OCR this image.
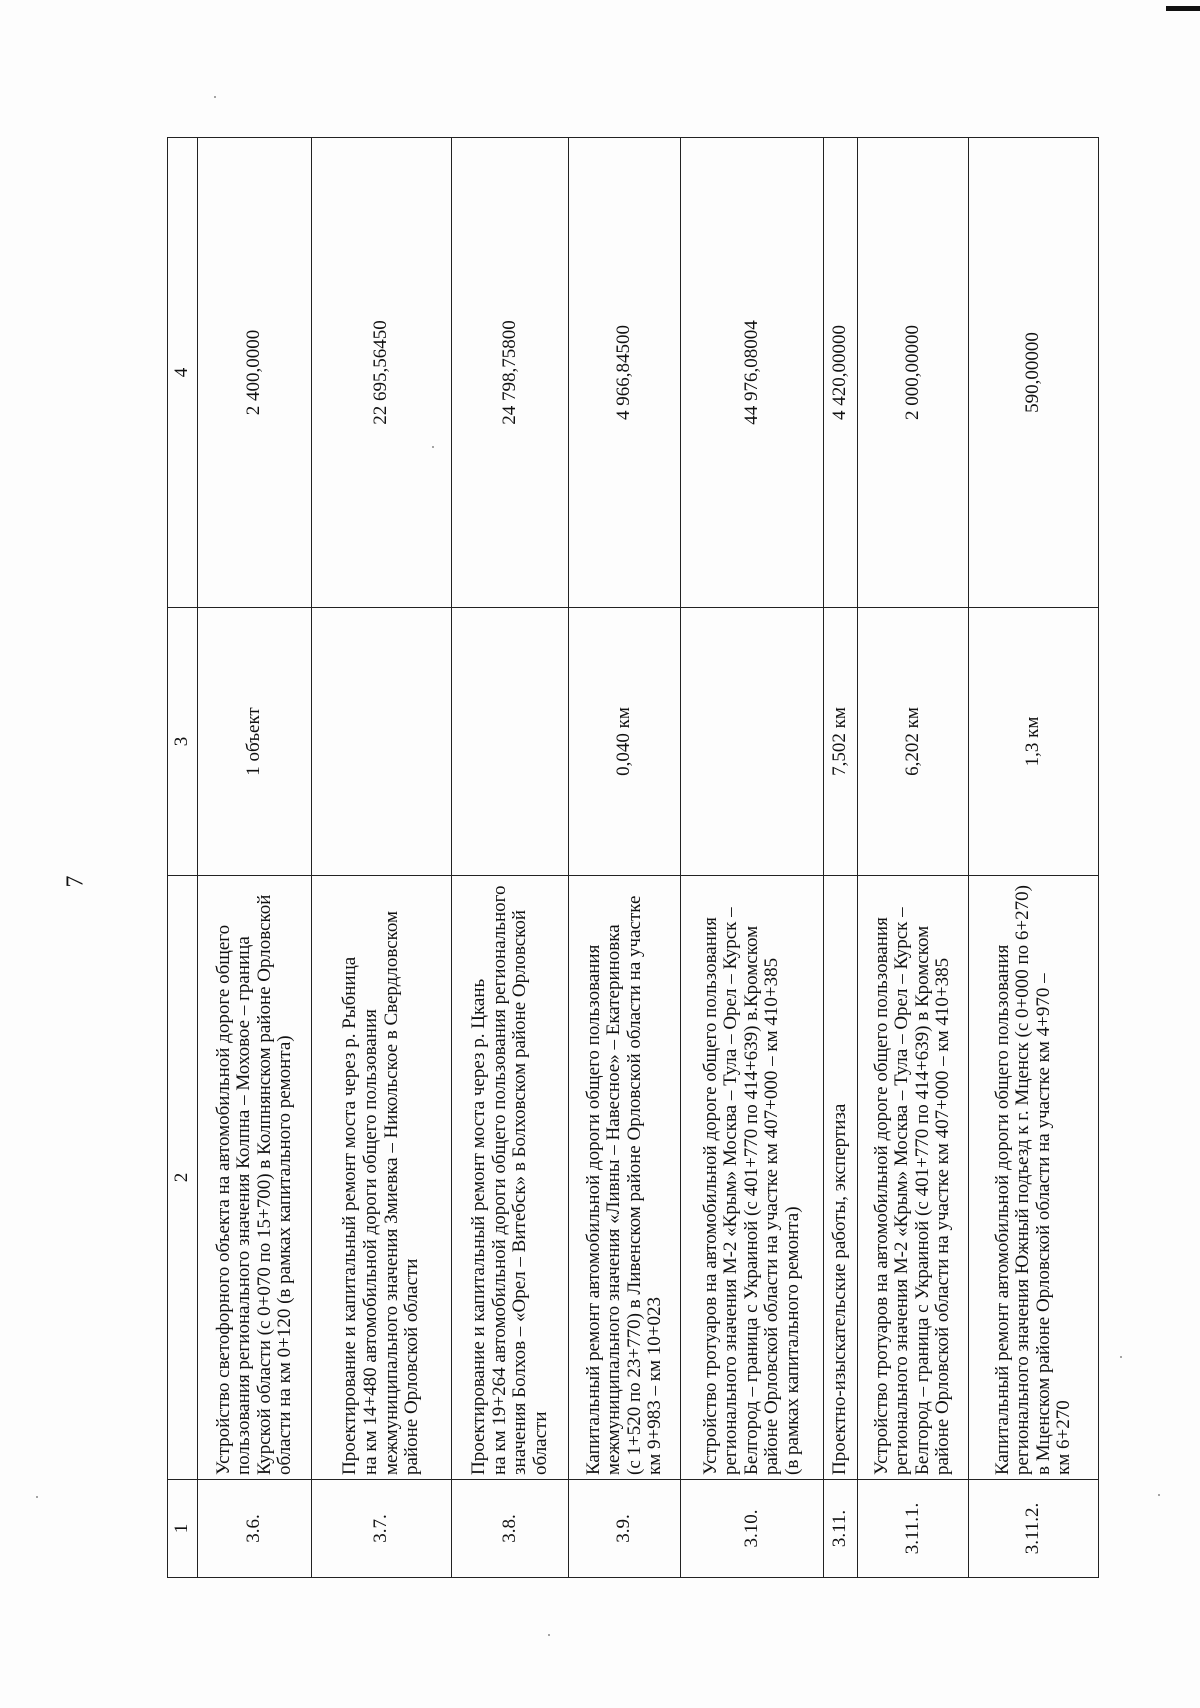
7
1	2	3	4
3.6.	Устройство светофорного объекта на автомобильной дороге общего
пользования регионального значения Колпна – Моховое – граница
Курской области (с 0+070 по 15+700) в Колпнянском районе Орловской
области на км 0+120 (в рамках капитального ремонта)	1 объект	2 400,0000
3.7.	Проектирование и капитальный ремонт моста через р. Рыбница
на км 14+480 автомобильной дороги общего пользования
межмуниципального значения Змиевка – Никольское в Свердловском
районе Орловской области		22 695,56450
3.8.	Проектирование и капитальный ремонт моста через р. Цкань
на км 19+264 автомобильной дороги общего пользования регионального
значения Болхов – «Орел – Витебск» в Болховском районе Орловской
области		24 798,75800
3.9.	Капитальный ремонт автомобильной дороги общего пользования
межмуниципального значения «Ливны – Навесное» – Екатериновка
(с 1+520 по 23+770) в Ливенском районе Орловской области на участке
км 9+983 – км 10+023	0,040 км	4 966,84500
3.10.	Устройство тротуаров на автомобильной дороге общего пользования
регионального значения М-2 «Крым» Москва – Тула – Орел – Курск –
Белгород – граница с Украиной (с 401+770 по 414+639) в.Кромском
районе Орловской области на участке км 407+000 – км 410+385
(в рамках капитального ремонта)		44 976,08004
3.11.	Проектно-изыскательские работы, экспертиза	7,502 км	4 420,00000
3.11.1.	Устройство тротуаров на автомобильной дороге общего пользования
регионального значения М-2 «Крым» Москва – Тула – Орел – Курск –
Белгород – граница с Украиной (с 401+770 по 414+639) в Кромском
районе Орловской области на участке км 407+000 – км 410+385	6,202 км	2 000,00000
3.11.2.	Капитальный ремонт автомобильной дороги общего пользования
регионального значения Южный подъезд к г. Мценск (с 0+000 по 6+270)
в Мценском районе Орловской области на участке км 4+970 –
км 6+270	1,3 км	590,00000
